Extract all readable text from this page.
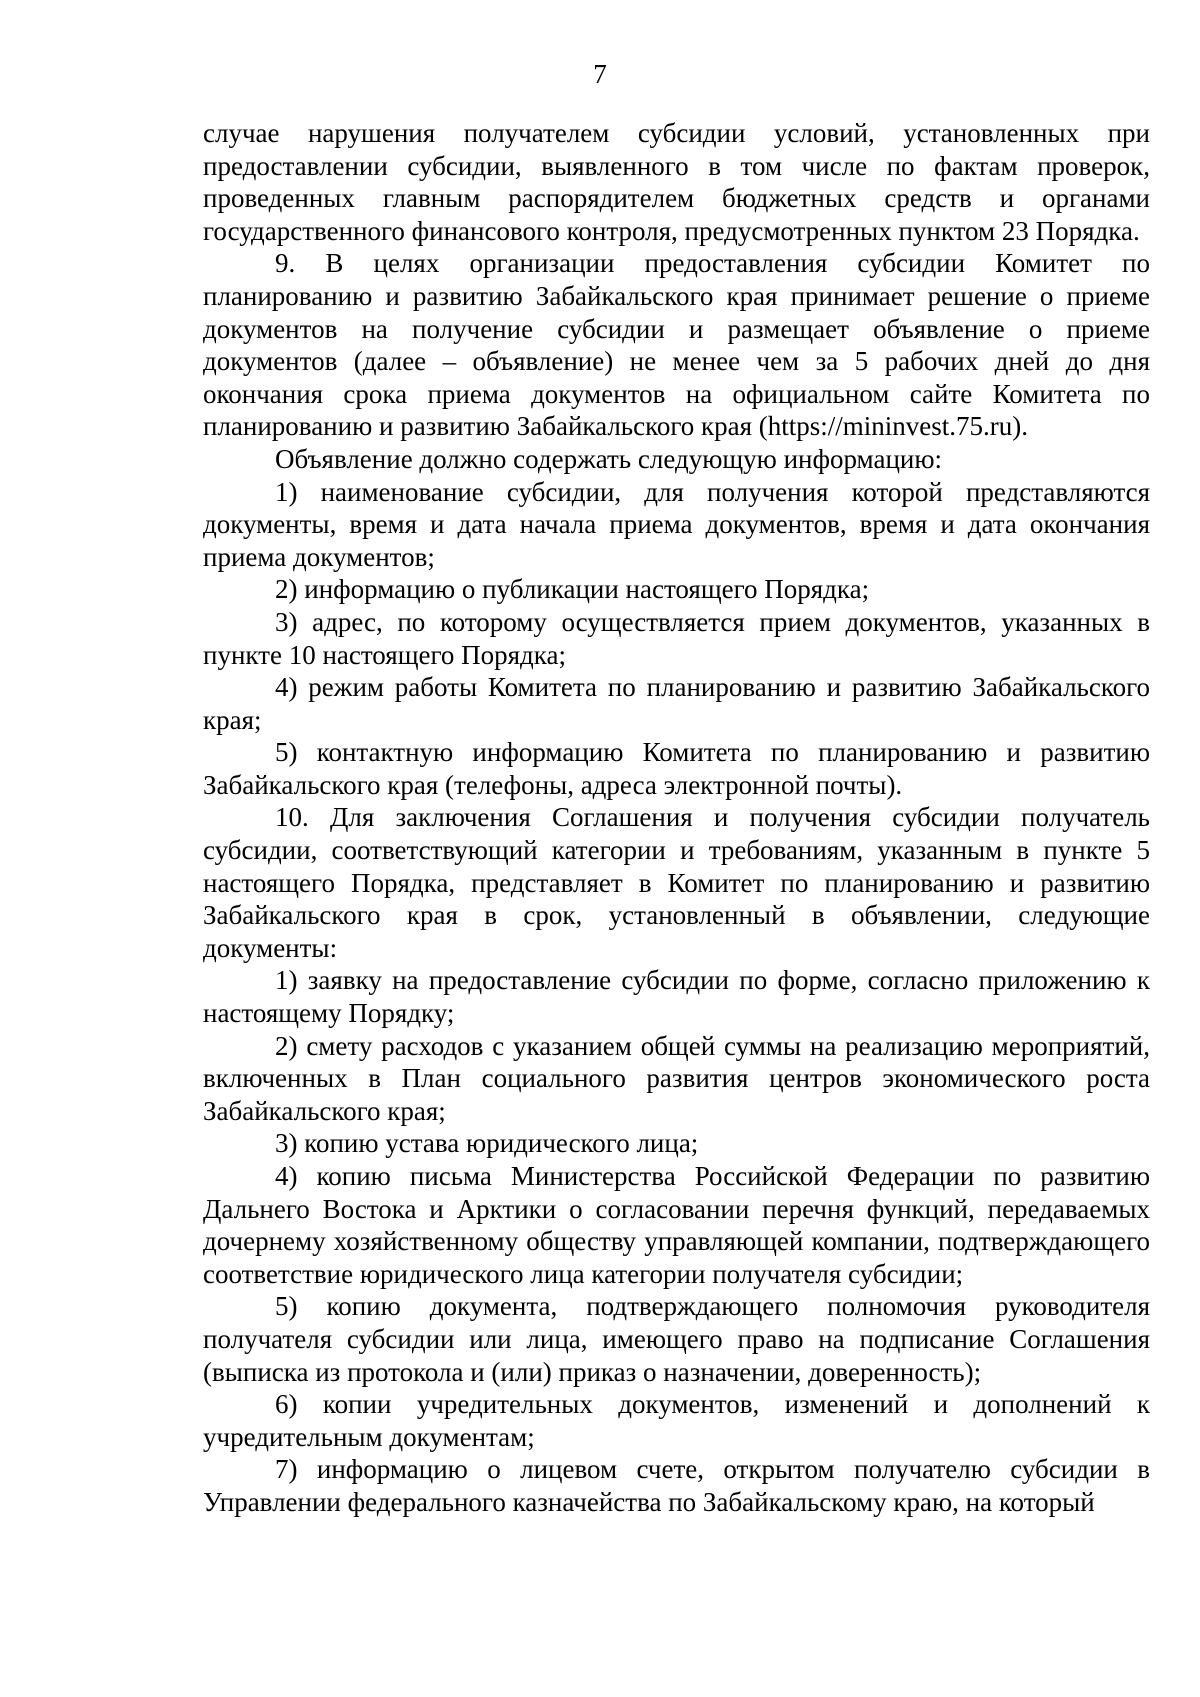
7

случае нарушения получателем субсидии условий, установленных при предоставлении субсидии, выявленного в том числе по фактам проверок, проведенных главным распорядителем бюджетных средств и органами государственного финансового контроля, предусмотренных пунктом 23 Порядка.

9. В целях организации предоставления субсидии Комитет по планированию и развитию Забайкальского края принимает решение о приеме документов на получение субсидии и размещает объявление о приеме документов (далее – объявление) не менее чем за 5 рабочих дней до дня окончания срока приема документов на официальном сайте Комитета по планированию и развитию Забайкальского края (https://mininvest.75.ru).

Объявление должно содержать следующую информацию:

1) наименование субсидии, для получения которой представляются документы, время и дата начала приема документов, время и дата окончания приема документов;

2) информацию о публикации настоящего Порядка;

3) адрес, по которому осуществляется прием документов, указанных в пункте 10 настоящего Порядка;

4) режим работы Комитета по планированию и развитию Забайкальского края;

5) контактную информацию Комитета по планированию и развитию Забайкальского края (телефоны, адреса электронной почты).

10. Для заключения Соглашения и получения субсидии получатель субсидии, соответствующий категории и требованиям, указанным в пункте 5 настоящего Порядка, представляет в Комитет по планированию и развитию Забайкальского края в срок, установленный в объявлении, следующие документы:

1) заявку на предоставление субсидии по форме, согласно приложению к настоящему Порядку;

2) смету расходов с указанием общей суммы на реализацию мероприятий, включенных в План социального развития центров экономического роста Забайкальского края;

3) копию устава юридического лица;

4) копию письма Министерства Российской Федерации по развитию Дальнего Востока и Арктики о согласовании перечня функций, передаваемых дочернему хозяйственному обществу управляющей компании, подтверждающего соответствие юридического лица категории получателя субсидии;

5) копию документа, подтверждающего полномочия руководителя получателя субсидии или лица, имеющего право на подписание Соглашения (выписка из протокола и (или) приказ о назначении, доверенность);

6) копии учредительных документов, изменений и дополнений к учредительным документам;

7) информацию о лицевом счете, открытом получателю субсидии в Управлении федерального казначейства по Забайкальскому краю, на который
